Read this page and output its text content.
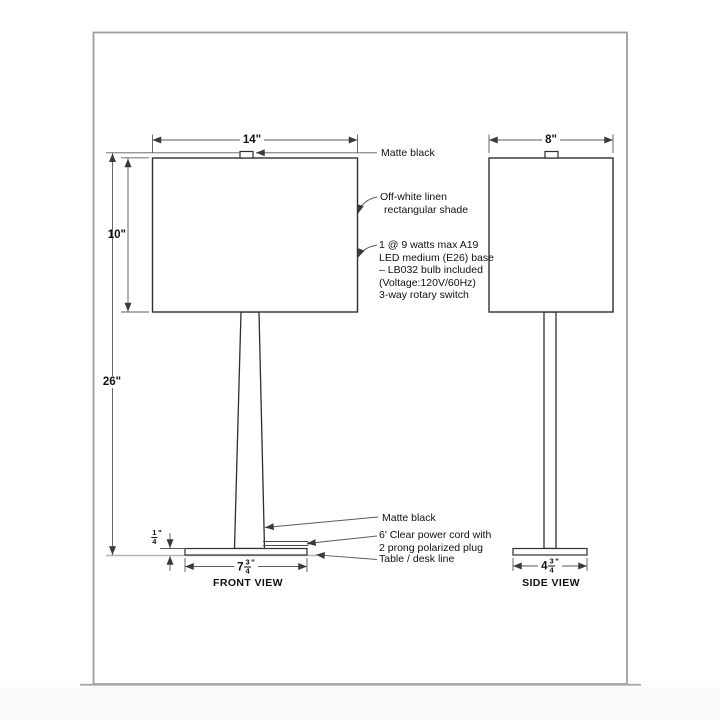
14"
10"
26"
$\frac{1}{4}$ "
$7 \frac{3}{4}$ "
8"
$4 \frac{3}{4}$ "
Matte black
Off-white linen
rectangular shade
1 @ 9 watts max A19
LED medium (E26) base
– LB032 bulb included
(Voltage:120V/60Hz)
3-way rotary switch
Matte black
6' Clear power cord with
2 prong polarized plug
Table / desk line
FRONT VIEW	SIDE VIEW
